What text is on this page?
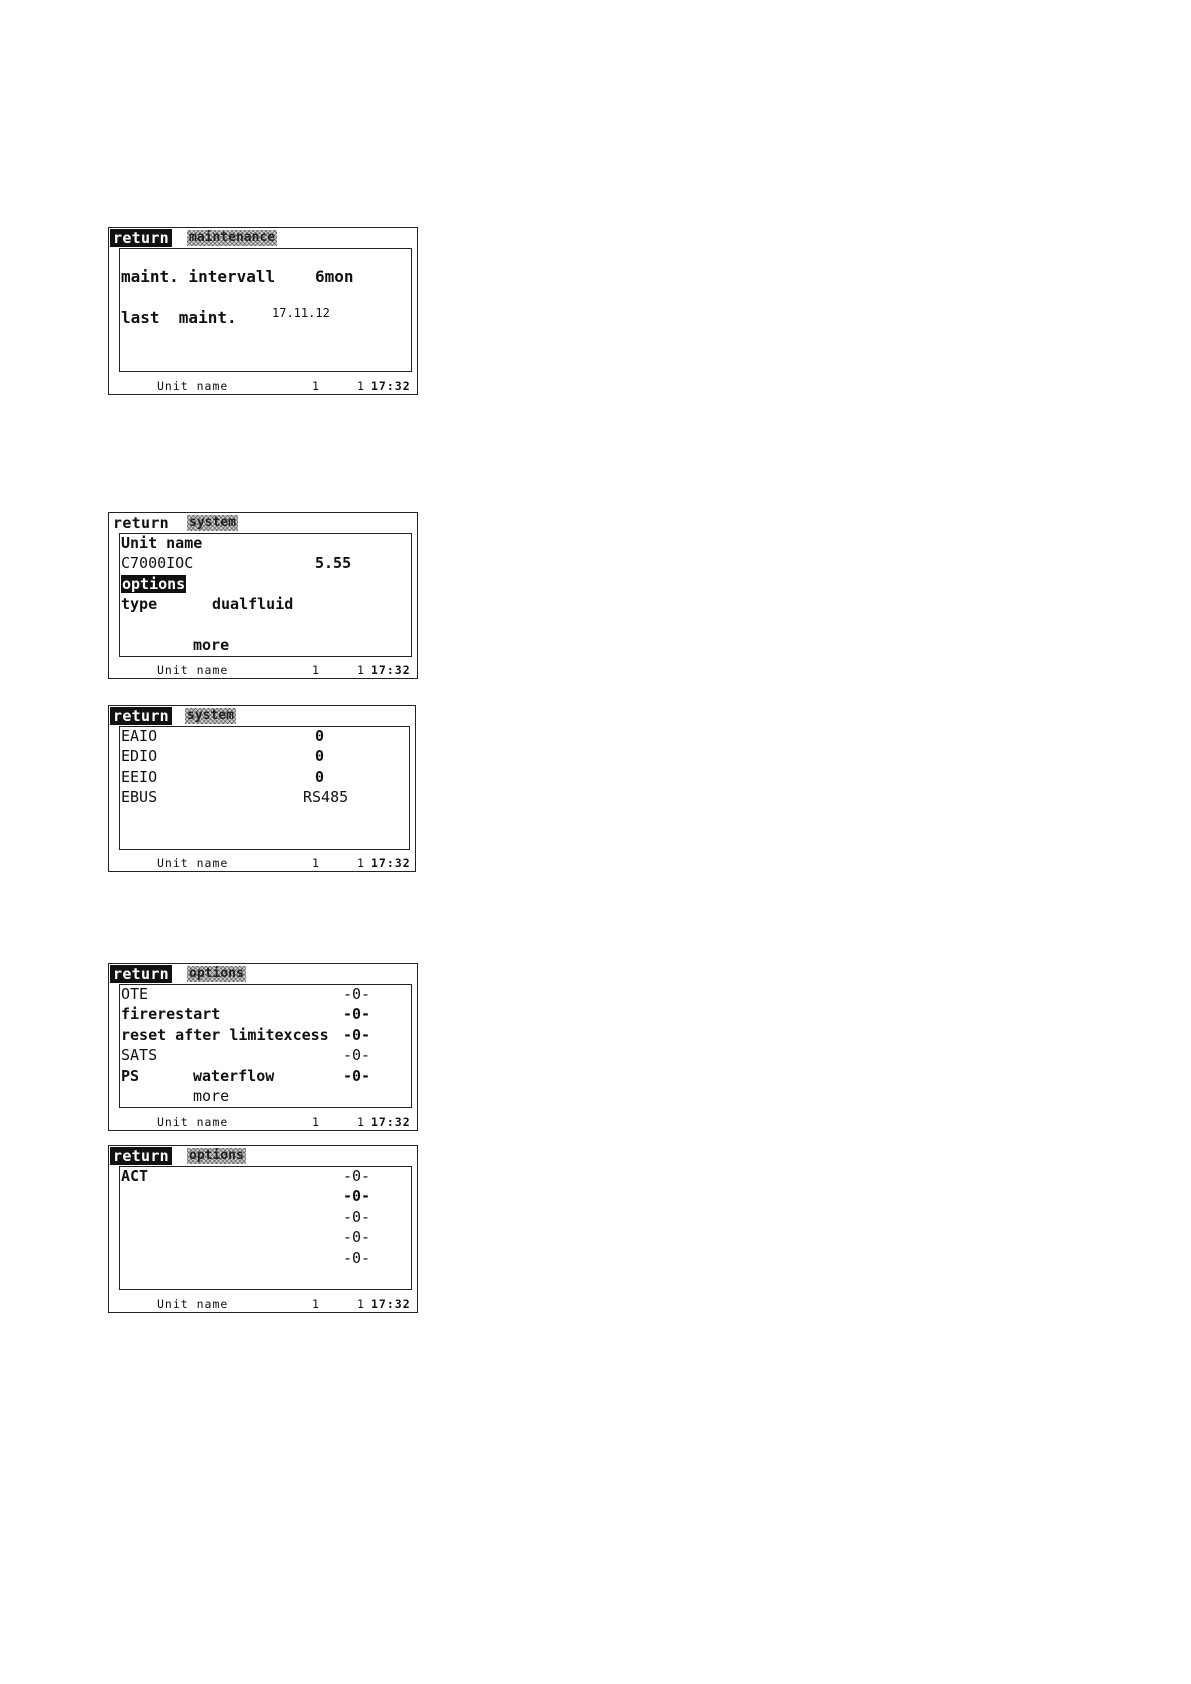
return maintenance
maint. intervall 6mon
last  maint.	17.11.12
Unit name	1	1 17:32
return system
Unit name
C7000IOC	5.55
options
type	dualfluid
more
Unit name	1	1 17:32
return system
EAIO	0
EDIO	0
EEIO	0
EBUS	RS485
Unit name	1	1 17:32
return options
OTE	-0-
firerestart	-0-
reset after limitexcess -0-
SATS	-0-
PS	waterflow	-0-
more
Unit name	1	1 17:32
return options
ACT	-0-
-0-
-0-
-0-
-0-
Unit name	1	1 17:32
